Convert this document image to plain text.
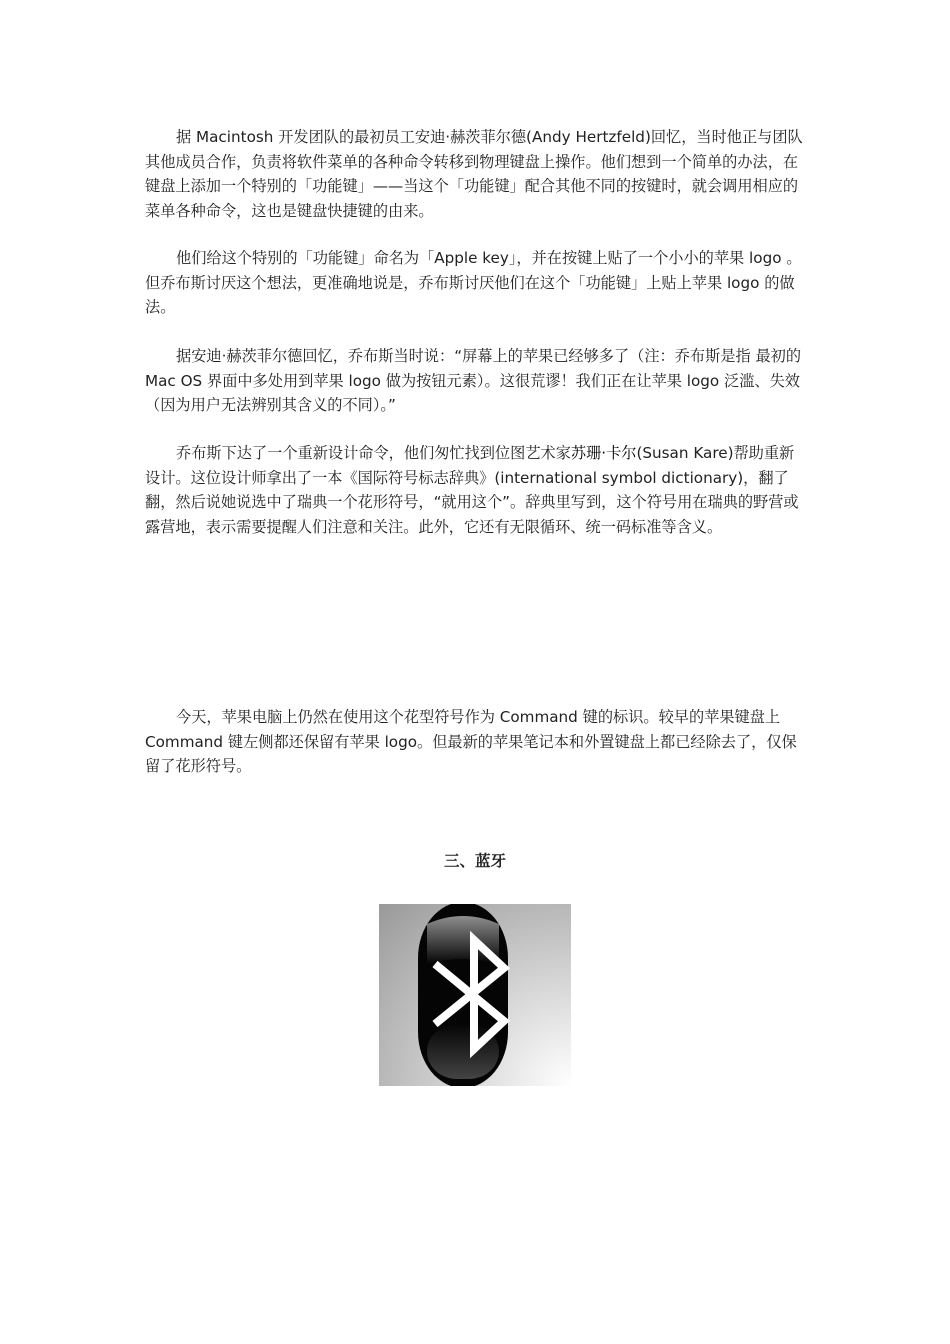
据 Macintosh 开发团队的最初员工安迪·赫茨菲尔德(Andy Hertzfeld)回忆，当时他正与团队其他成员合作，负责将软件菜单的各种命令转移到物理键盘上操作。他们想到一个简单的办法，在键盘上添加一个特别的「功能键」——当这个「功能键」配合其他不同的按键时，就会调用相应的菜单各种命令，这也是键盘快捷键的由来。

他们给这个特别的「功能键」命名为「Apple key」，并在按键上贴了一个小小的苹果 logo 。但乔布斯讨厌这个想法，更准确地说是，乔布斯讨厌他们在这个「功能键」上贴上苹果 logo 的做法。

据安迪·赫茨菲尔德回忆，乔布斯当时说：“屏幕上的苹果已经够多了（注：乔布斯是指 最初的 Mac OS 界面中多处用到苹果 logo 做为按钮元素）。这很荒谬！我们正在让苹果 logo 泛滥、失效（因为用户无法辨别其含义的不同）。”

乔布斯下达了一个重新设计命令，他们匆忙找到位图艺术家苏珊·卡尔(Susan Kare)帮助重新设计。这位设计师拿出了一本《国际符号标志辞典》(international symbol dictionary)，翻了翻，然后说她说选中了瑞典一个花形符号，“就用这个”。辞典里写到，这个符号用在瑞典的野营或露营地，表示需要提醒人们注意和关注。此外，它还有无限循环、统一码标准等含义。

今天，苹果电脑上仍然在使用这个花型符号作为 Command 键的标识。较早的苹果键盘上 Command 键左侧都还保留有苹果 logo。但最新的苹果笔记本和外置键盘上都已经除去了，仅保留了花形符号。

三、蓝牙
